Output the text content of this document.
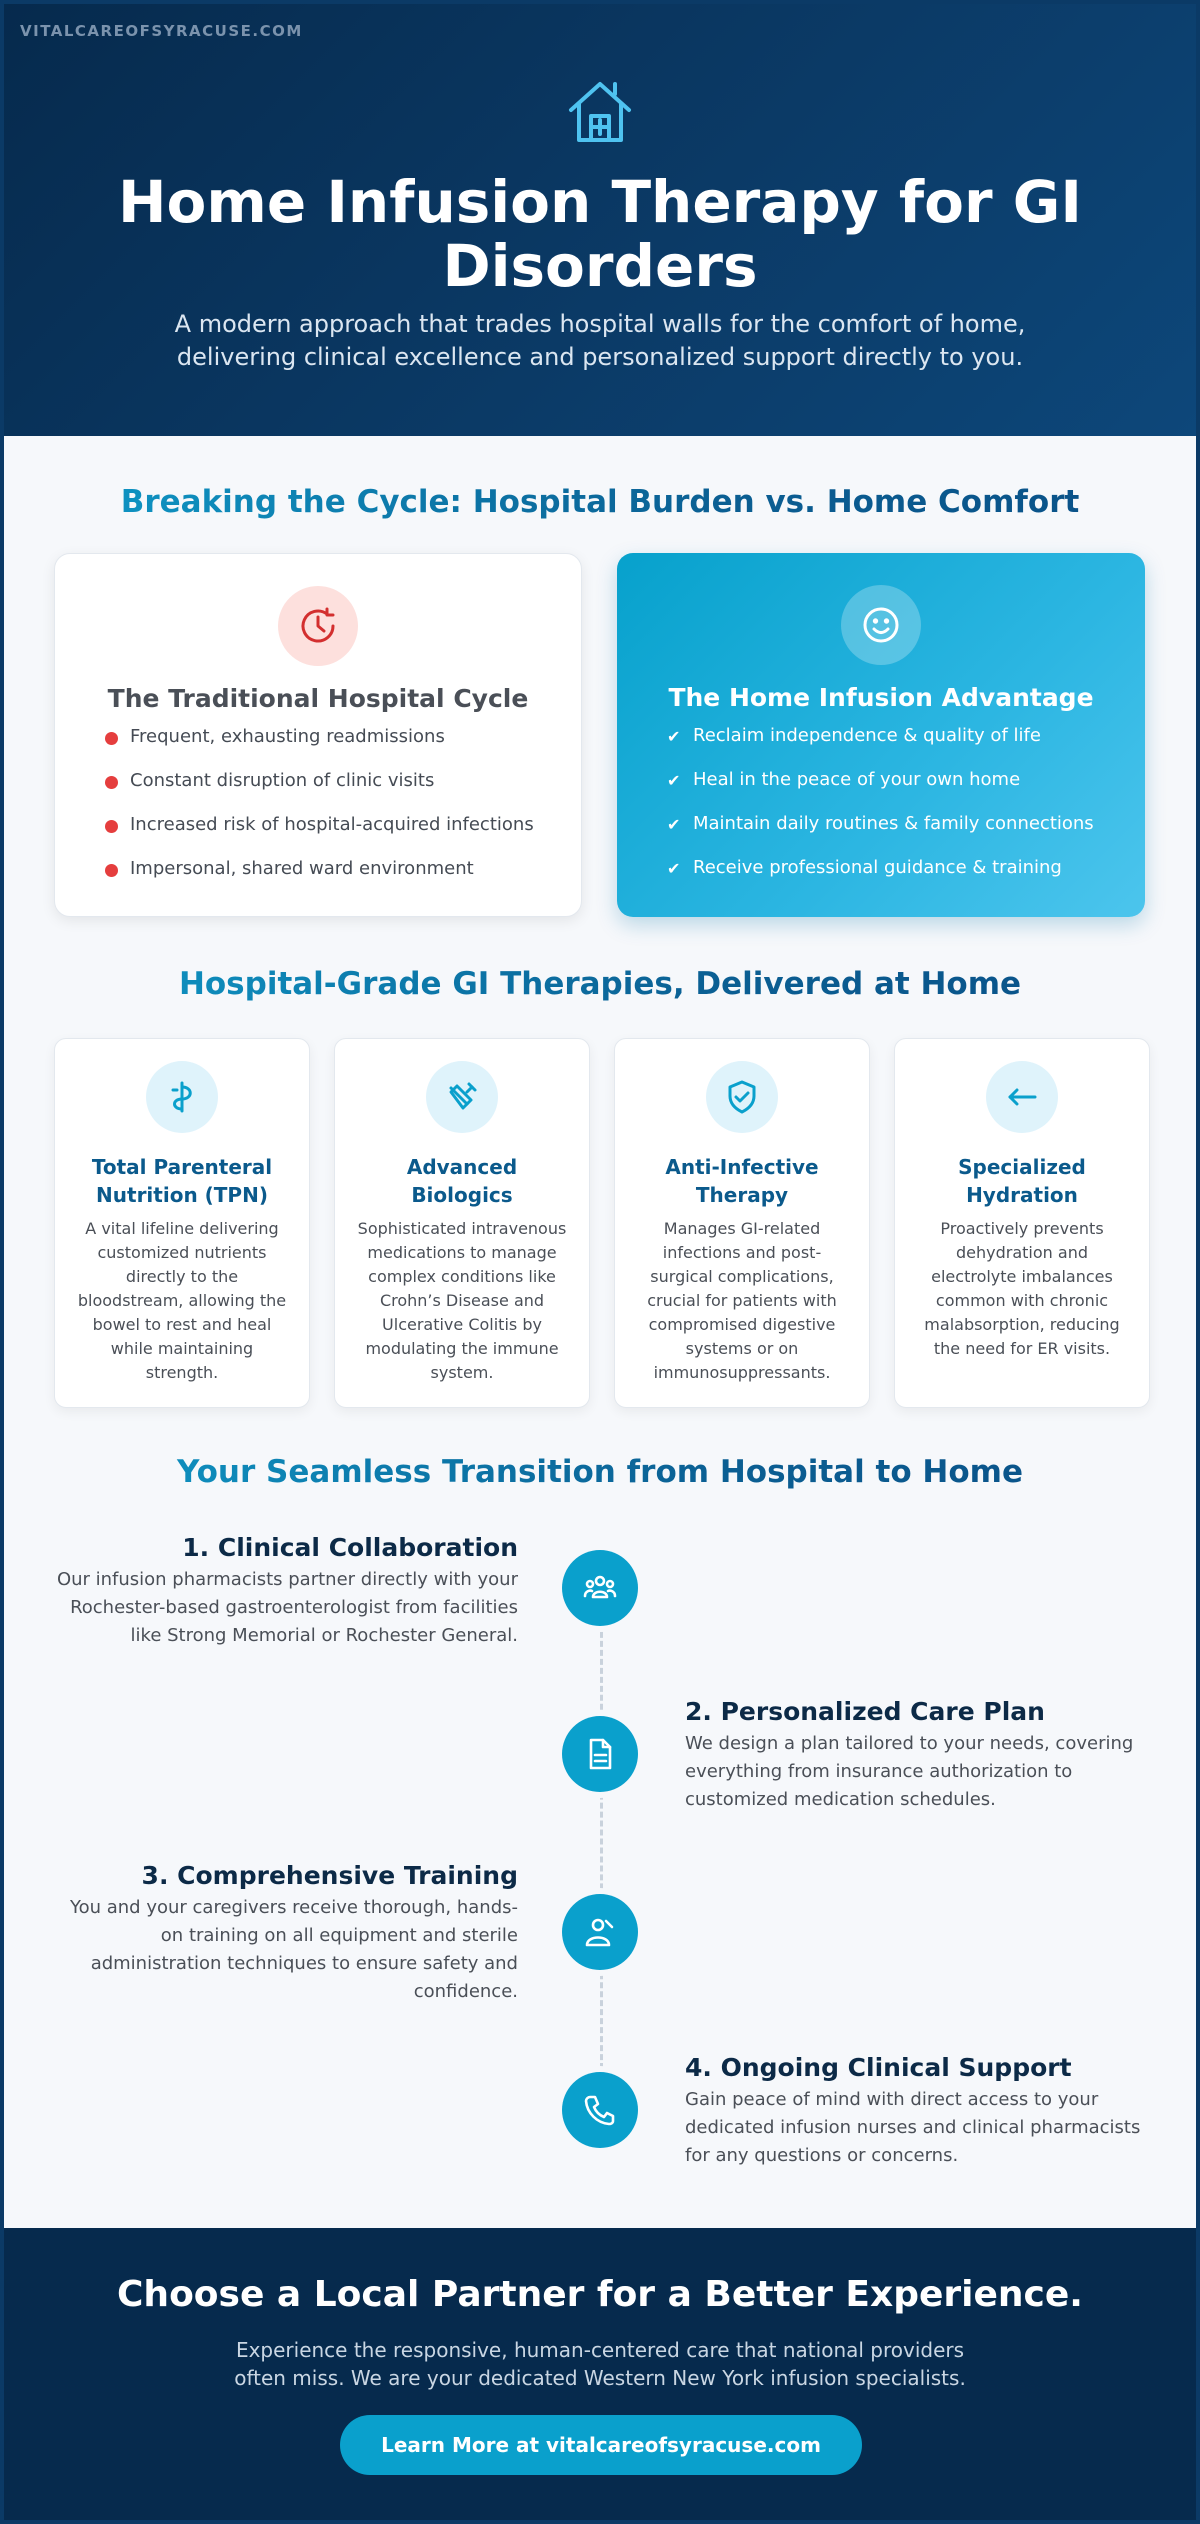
VITALCAREOFSYRACUSE.COM
Home Infusion Therapy for GI Disorders

A modern approach that trades hospital walls for the comfort of home, delivering clinical excellence and personalized support directly to you.

Breaking the Cycle: Hospital Burden vs. Home Comfort
The Traditional Hospital Cycle
Frequent, exhausting readmissions
Constant disruption of clinic visits
Increased risk of hospital-acquired infections
Impersonal, shared ward environment
The Home Infusion Advantage
✔ Reclaim independence & quality of life
✔ Heal in the peace of your own home
✔ Maintain daily routines & family connections
✔ Receive professional guidance & training
Hospital-Grade GI Therapies, Delivered at Home
Total Parenteral Nutrition (TPN)

A vital lifeline delivering customized nutrients directly to the bloodstream, allowing the bowel to rest and heal while maintaining strength.

Advanced Biologics

Sophisticated intravenous medications to manage complex conditions like Crohn’s Disease and Ulcerative Colitis by modulating the immune system.

Anti-Infective Therapy

Manages GI-related infections and post-surgical complications, crucial for patients with compromised digestive systems or on immunosuppressants.

Specialized Hydration

Proactively prevents dehydration and electrolyte imbalances common with chronic malabsorption, reducing the need for ER visits.

Your Seamless Transition from Hospital to Home
1. Clinical Collaboration

Our infusion pharmacists partner directly with your Rochester-based gastroenterologist from facilities like Strong Memorial or Rochester General.

2. Personalized Care Plan

We design a plan tailored to your needs, covering everything from insurance authorization to customized medication schedules.

3. Comprehensive Training

You and your caregivers receive thorough, hands-on training on all equipment and sterile administration techniques to ensure safety and confidence.

4. Ongoing Clinical Support

Gain peace of mind with direct access to your dedicated infusion nurses and clinical pharmacists for any questions or concerns.

Choose a Local Partner for a Better Experience.

Experience the responsive, human-centered care that national providers often miss. We are your dedicated Western New York infusion specialists.

Learn More at vitalcareofsyracuse.com
